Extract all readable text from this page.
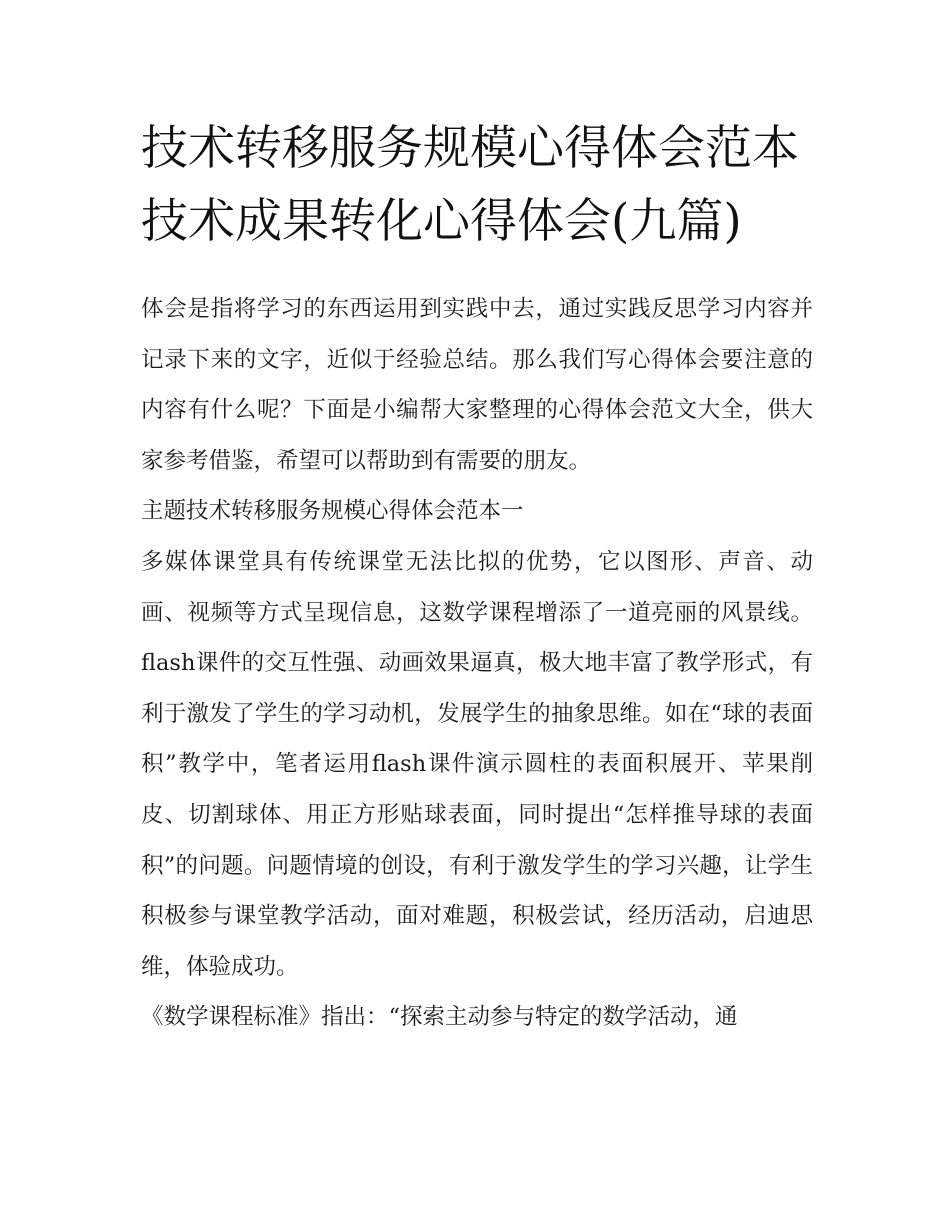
技术转移服务规模心得体会范本 技术成果转化心得体会(九篇)

体会是指将学习的东西运用到实践中去，通过实践反思学习内容并记录下来的文字，近似于经验总结。那么我们写心得体会要注意的内容有什么呢？下面是小编帮大家整理的心得体会范文大全，供大家参考借鉴，希望可以帮助到有需要的朋友。

主题技术转移服务规模心得体会范本一

多媒体课堂具有传统课堂无法比拟的优势，它以图形、声音、动画、视频等方式呈现信息，这数学课程增添了一道亮丽的风景线。flash课件的交互性强、动画效果逼真，极大地丰富了教学形式，有利于激发了学生的学习动机，发展学生的抽象思维。如在“球的表面积”教学中，笔者运用flash课件演示圆柱的表面积展开、苹果削皮、切割球体、用正方形贴球表面，同时提出“怎样推导球的表面积”的问题。问题情境的创设，有利于激发学生的学习兴趣，让学生积极参与课堂教学活动，面对难题，积极尝试，经历活动，启迪思维，体验成功。

《数学课程标准》指出：“探索主动参与特定的数学活动，通
